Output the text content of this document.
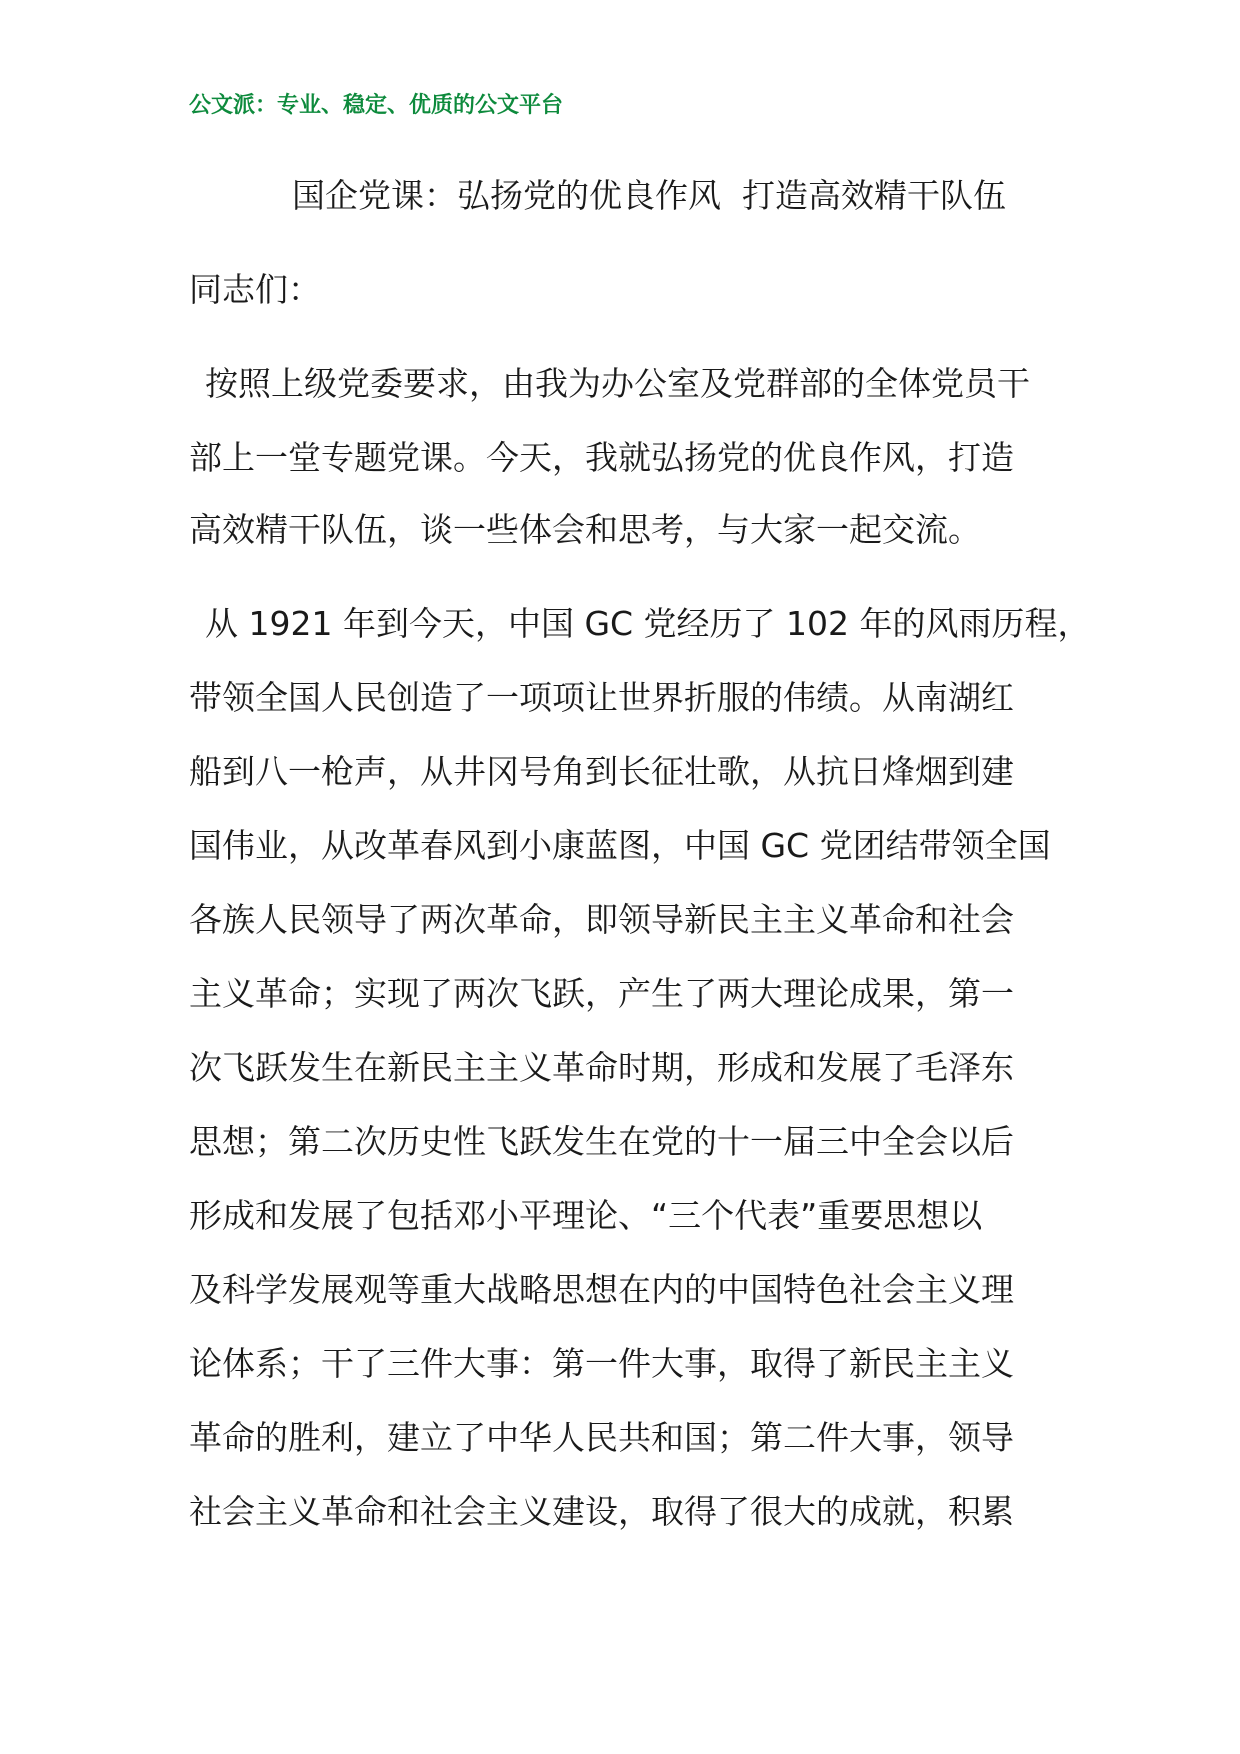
公文派：专业、稳定、优质的公文平台
国企党课：弘扬党的优良作风  打造高效精干队伍
同志们：
按照上级党委要求，由我为办公室及党群部的全体党员干
部上一堂专题党课。今天，我就弘扬党的优良作风，打造
高效精干队伍，谈一些体会和思考，与大家一起交流。
从 1921 年到今天，中国 GC 党经历了 102 年的风雨历程，
带领全国人民创造了一项项让世界折服的伟绩。从南湖红
船到八一枪声，从井冈号角到长征壮歌，从抗日烽烟到建
国伟业，从改革春风到小康蓝图，中国 GC 党团结带领全国
各族人民领导了两次革命，即领导新民主主义革命和社会
主义革命；实现了两次飞跃，产生了两大理论成果，第一
次飞跃发生在新民主主义革命时期，形成和发展了毛泽东
思想；第二次历史性飞跃发生在党的十一届三中全会以后
形成和发展了包括邓小平理论、“三个代表”重要思想以
及科学发展观等重大战略思想在内的中国特色社会主义理
论体系；干了三件大事：第一件大事，取得了新民主主义
革命的胜利，建立了中华人民共和国；第二件大事，领导
社会主义革命和社会主义建设，取得了很大的成就，积累
